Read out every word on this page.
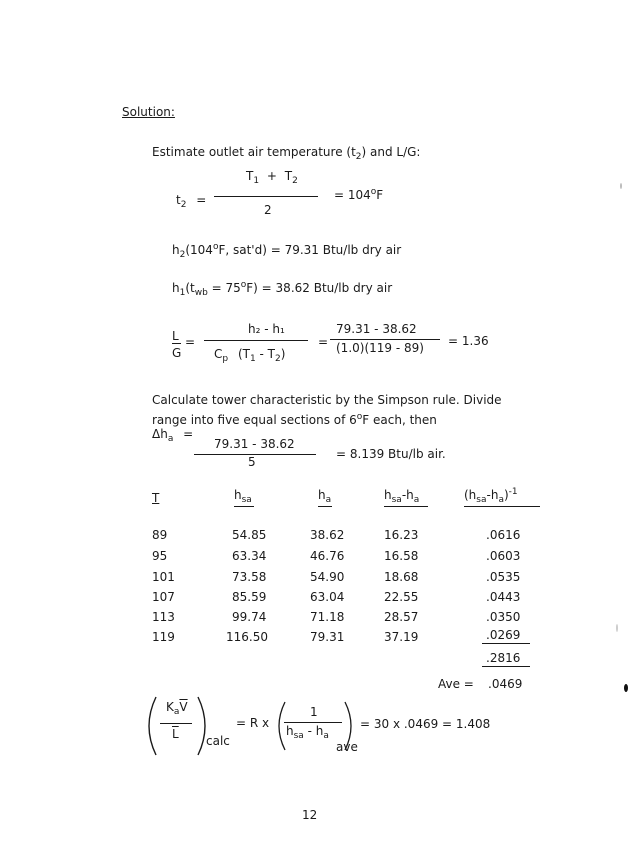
Solution:
Estimate outlet air temperature $(t_2)$ and L/G:
$t_2$ =
$T_1 + T_2$
2
= $104^oF$
$h_2(104^oF$, sat'd) = 79.31 Btu/lb dry air
$h_1(t_{wb} = 75^oF) = 38.62$ Btu/lb dry air
L =
G
h₂ - h₁
$C_p$ $(T_1 - T_2)$
=
79.31 - 38.62
(1.0)(119 - 89) = 1.36
Calculate tower characteristic by the Simpson rule. Divide
range into five equal sections of 6$^o$F each, then
$\Delta h_a$ =
79.31 - 38.62
5
= 8.139 Btu/lb air.
T	$h_{sa}$	$h_a$	$h_{sa}-h_a$	$(h_{sa}-h_a)^{-1}$
89	54.85	38.62	16.23	.0616
95	63.34	46.76	16.58	.0603
101	73.58	54.90	18.68	.0535
107	85.59	63.04	22.55	.0443
113	99.74	71.18	28.57	.0350
119	116.50	79.31	37.19	.0269
.2816
Ave = .0469
$K_a\overline{V}$
$\overline{L}$ calc
= R x
1
$h_{sa} - h_a$
ave
= 30 x .0469 = 1.408
12
